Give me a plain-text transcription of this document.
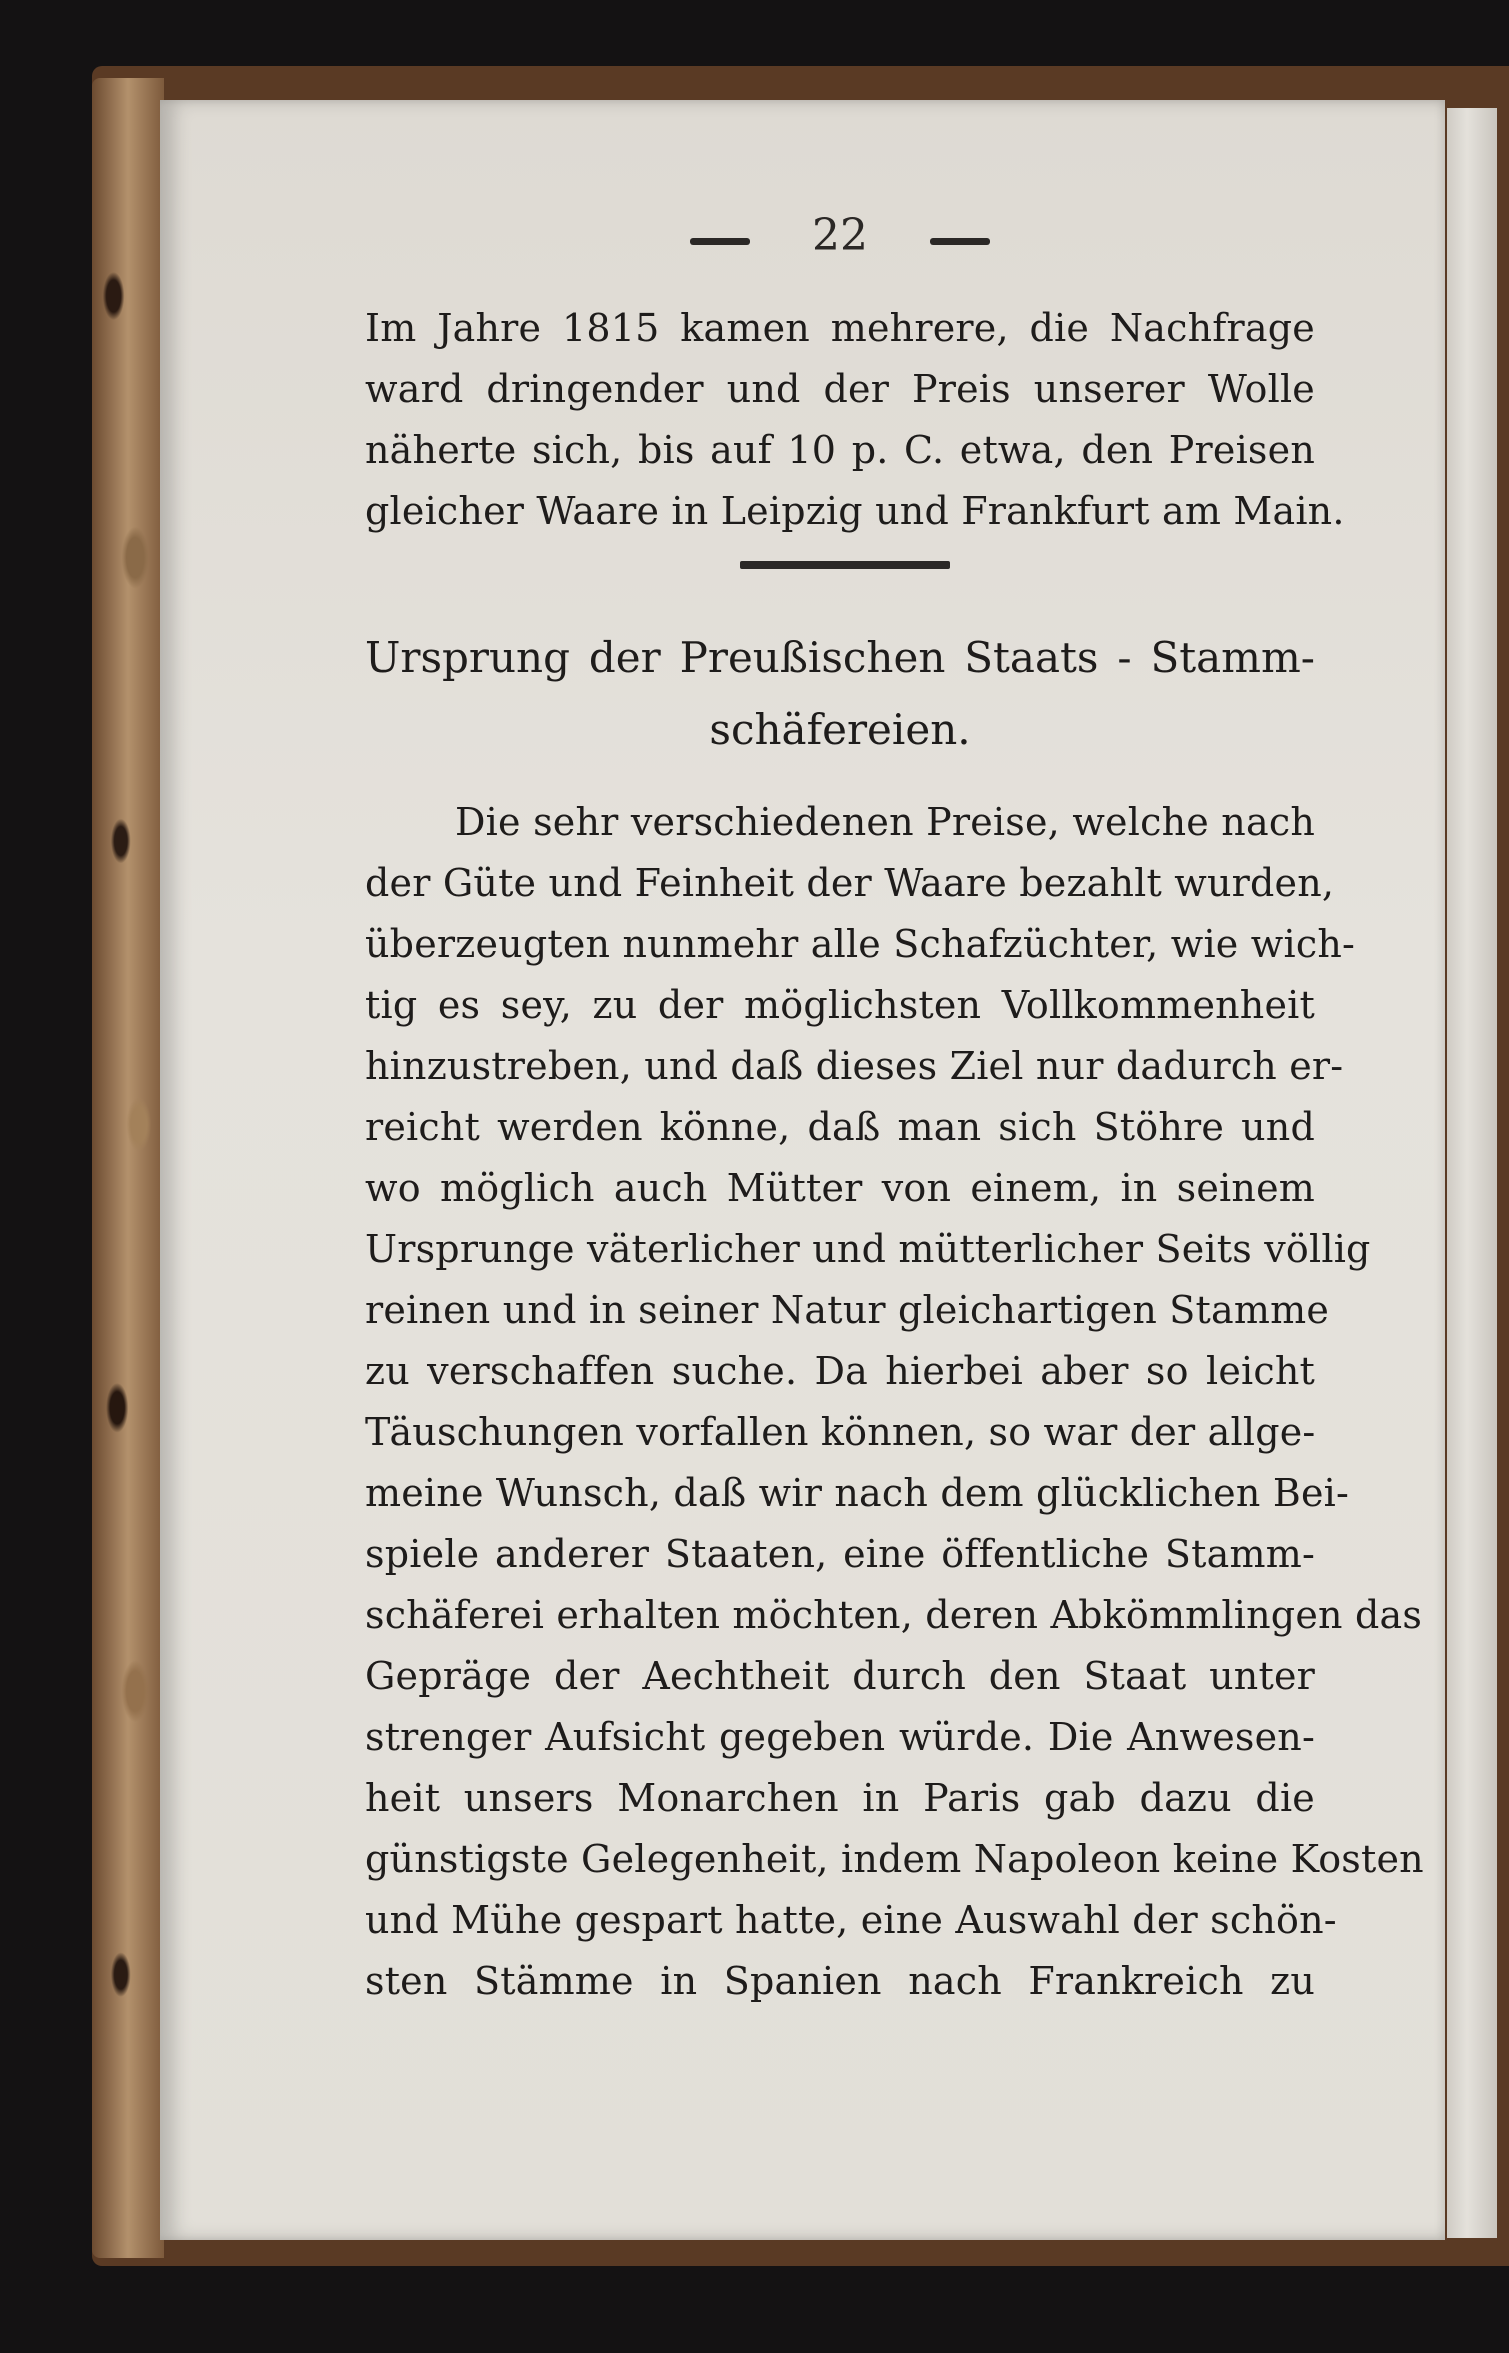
22
Im Jahre 1815 kamen mehrere, die Nachfrage
ward dringender und der Preis unserer Wolle
näherte sich, bis auf 10 p. C. etwa, den Preisen
gleicher Waare in Leipzig und Frankfurt am Main.
Ursprung der Preußischen Staats - Stamm-
schäfereien.
Die sehr verschiedenen Preise, welche nach
der Güte und Feinheit der Waare bezahlt wurden,
überzeugten nunmehr alle Schafzüchter, wie wich-
tig es sey, zu der möglichsten Vollkommenheit
hinzustreben, und daß dieses Ziel nur dadurch er-
reicht werden könne, daß man sich Stöhre und
wo möglich auch Mütter von einem, in seinem
Ursprunge väterlicher und mütterlicher Seits völlig
reinen und in seiner Natur gleichartigen Stamme
zu verschaffen suche. Da hierbei aber so leicht
Täuschungen vorfallen können, so war der allge-
meine Wunsch, daß wir nach dem glücklichen Bei-
spiele anderer Staaten, eine öffentliche Stamm-
schäferei erhalten möchten, deren Abkömmlingen das
Gepräge der Aechtheit durch den Staat unter
strenger Aufsicht gegeben würde. Die Anwesen-
heit unsers Monarchen in Paris gab dazu die
günstigste Gelegenheit, indem Napoleon keine Kosten
und Mühe gespart hatte, eine Auswahl der schön-
sten Stämme in Spanien nach Frankreich zu
